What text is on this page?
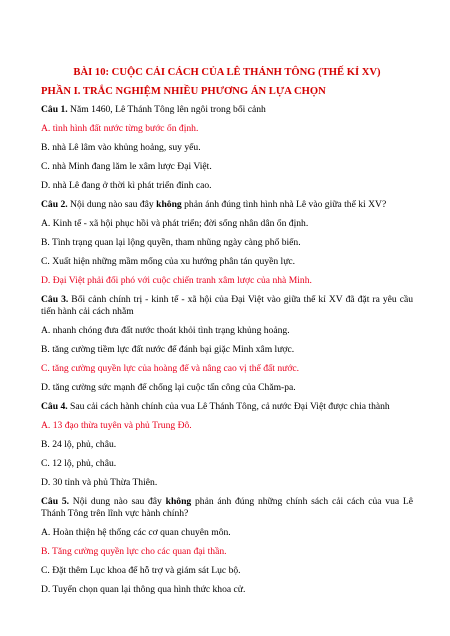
BÀI 10: CUỘC CẢI CÁCH CỦA LÊ THÁNH TÔNG (THẾ KỈ XV)
PHẦN I. TRẮC NGHIỆM NHIỀU PHƯƠNG ÁN LỰA CHỌN
Câu 1. Năm 1460, Lê Thánh Tông lên ngôi trong bối cảnh
A. tình hình đất nước từng bước ổn định.
B. nhà Lê lâm vào khủng hoảng, suy yếu.
C. nhà Minh đang lăm le xâm lược Đại Việt.
D. nhà Lê đang ở thời kì phát triển đỉnh cao.
Câu 2. Nội dung nào sau đây không phản ánh đúng tình hình nhà Lê vào giữa thế kỉ XV?
A. Kinh tế - xã hội phục hồi và phát triển; đời sống nhân dân ổn định.
B. Tình trạng quan lại lộng quyền, tham nhũng ngày càng phổ biến.
C. Xuất hiện những mầm mống của xu hướng phân tán quyền lực.
D. Đại Việt phải đối phó với cuộc chiến tranh xâm lược của nhà Minh.
Câu 3. Bối cảnh chính trị - kinh tế - xã hội của Đại Việt vào giữa thế kỉ XV đã đặt ra yêu cầu tiến hành cải cách nhằm
A. nhanh chóng đưa đất nước thoát khỏi tình trạng khủng hoảng.
B. tăng cường tiềm lực đất nước để đánh bại giặc Minh xâm lược.
C. tăng cường quyền lực của hoàng đế và nâng cao vị thế đất nước.
D. tăng cường sức mạnh để chống lại cuộc tấn công của Chăm-pa.
Câu 4. Sau cải cách hành chính của vua Lê Thánh Tông, cả nước Đại Việt được chia thành
A. 13 đạo thừa tuyên và phủ Trung Đô.
B. 24 lộ, phủ, châu.
C. 12 lộ, phủ, châu.
D. 30 tỉnh và phủ Thừa Thiên.
Câu 5. Nội dung nào sau đây không phản ánh đúng những chính sách cải cách của vua Lê Thánh Tông trên lĩnh vực hành chính?
A. Hoàn thiện hệ thống các cơ quan chuyên môn.
B. Tăng cường quyền lực cho các quan đại thần.
C. Đặt thêm Lục khoa để hỗ trợ và giám sát Lục bộ.
D. Tuyển chọn quan lại thông qua hình thức khoa cử.
